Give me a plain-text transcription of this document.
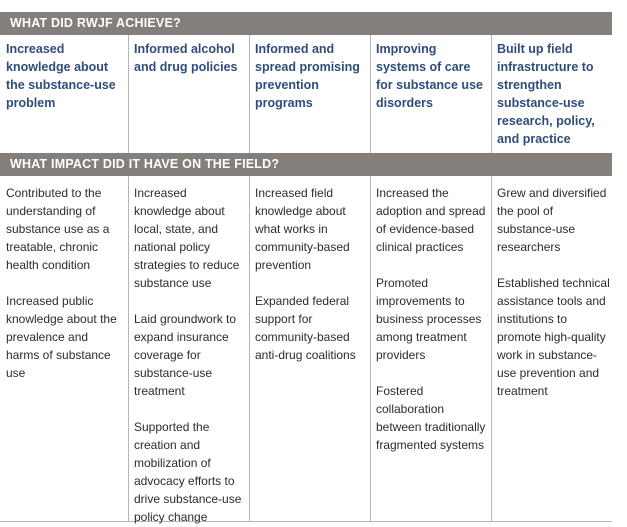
WHAT DID RWJF ACHIEVE?
Increased knowledge about the substance-use problem
Informed alcohol and drug policies
Informed and spread promising prevention programs
Improving systems of care for substance use disorders
Built up field infrastructure to strengthen substance-use research, policy, and practice
WHAT IMPACT DID IT HAVE ON THE FIELD?

Contributed to the understanding of substance use as a treatable, chronic health condition

Increased public knowledge about the prevalence and harms of substance use

Increased knowledge about local, state, and national policy strategies to reduce substance use

Laid groundwork to expand insurance coverage for substance-use treatment

Supported the creation and mobilization of advocacy efforts to drive substance-use policy change

Increased field knowledge about what works in community-based prevention

Expanded federal support for community-based anti-drug coalitions

Increased the adoption and spread of evidence-based clinical practices

Promoted improvements to business processes among treatment providers

Fostered collaboration between traditionally fragmented systems

Grew and diversified the pool of substance-use researchers

Established technical assistance tools and institutions to promote high-quality work in substance-use prevention and treatment
